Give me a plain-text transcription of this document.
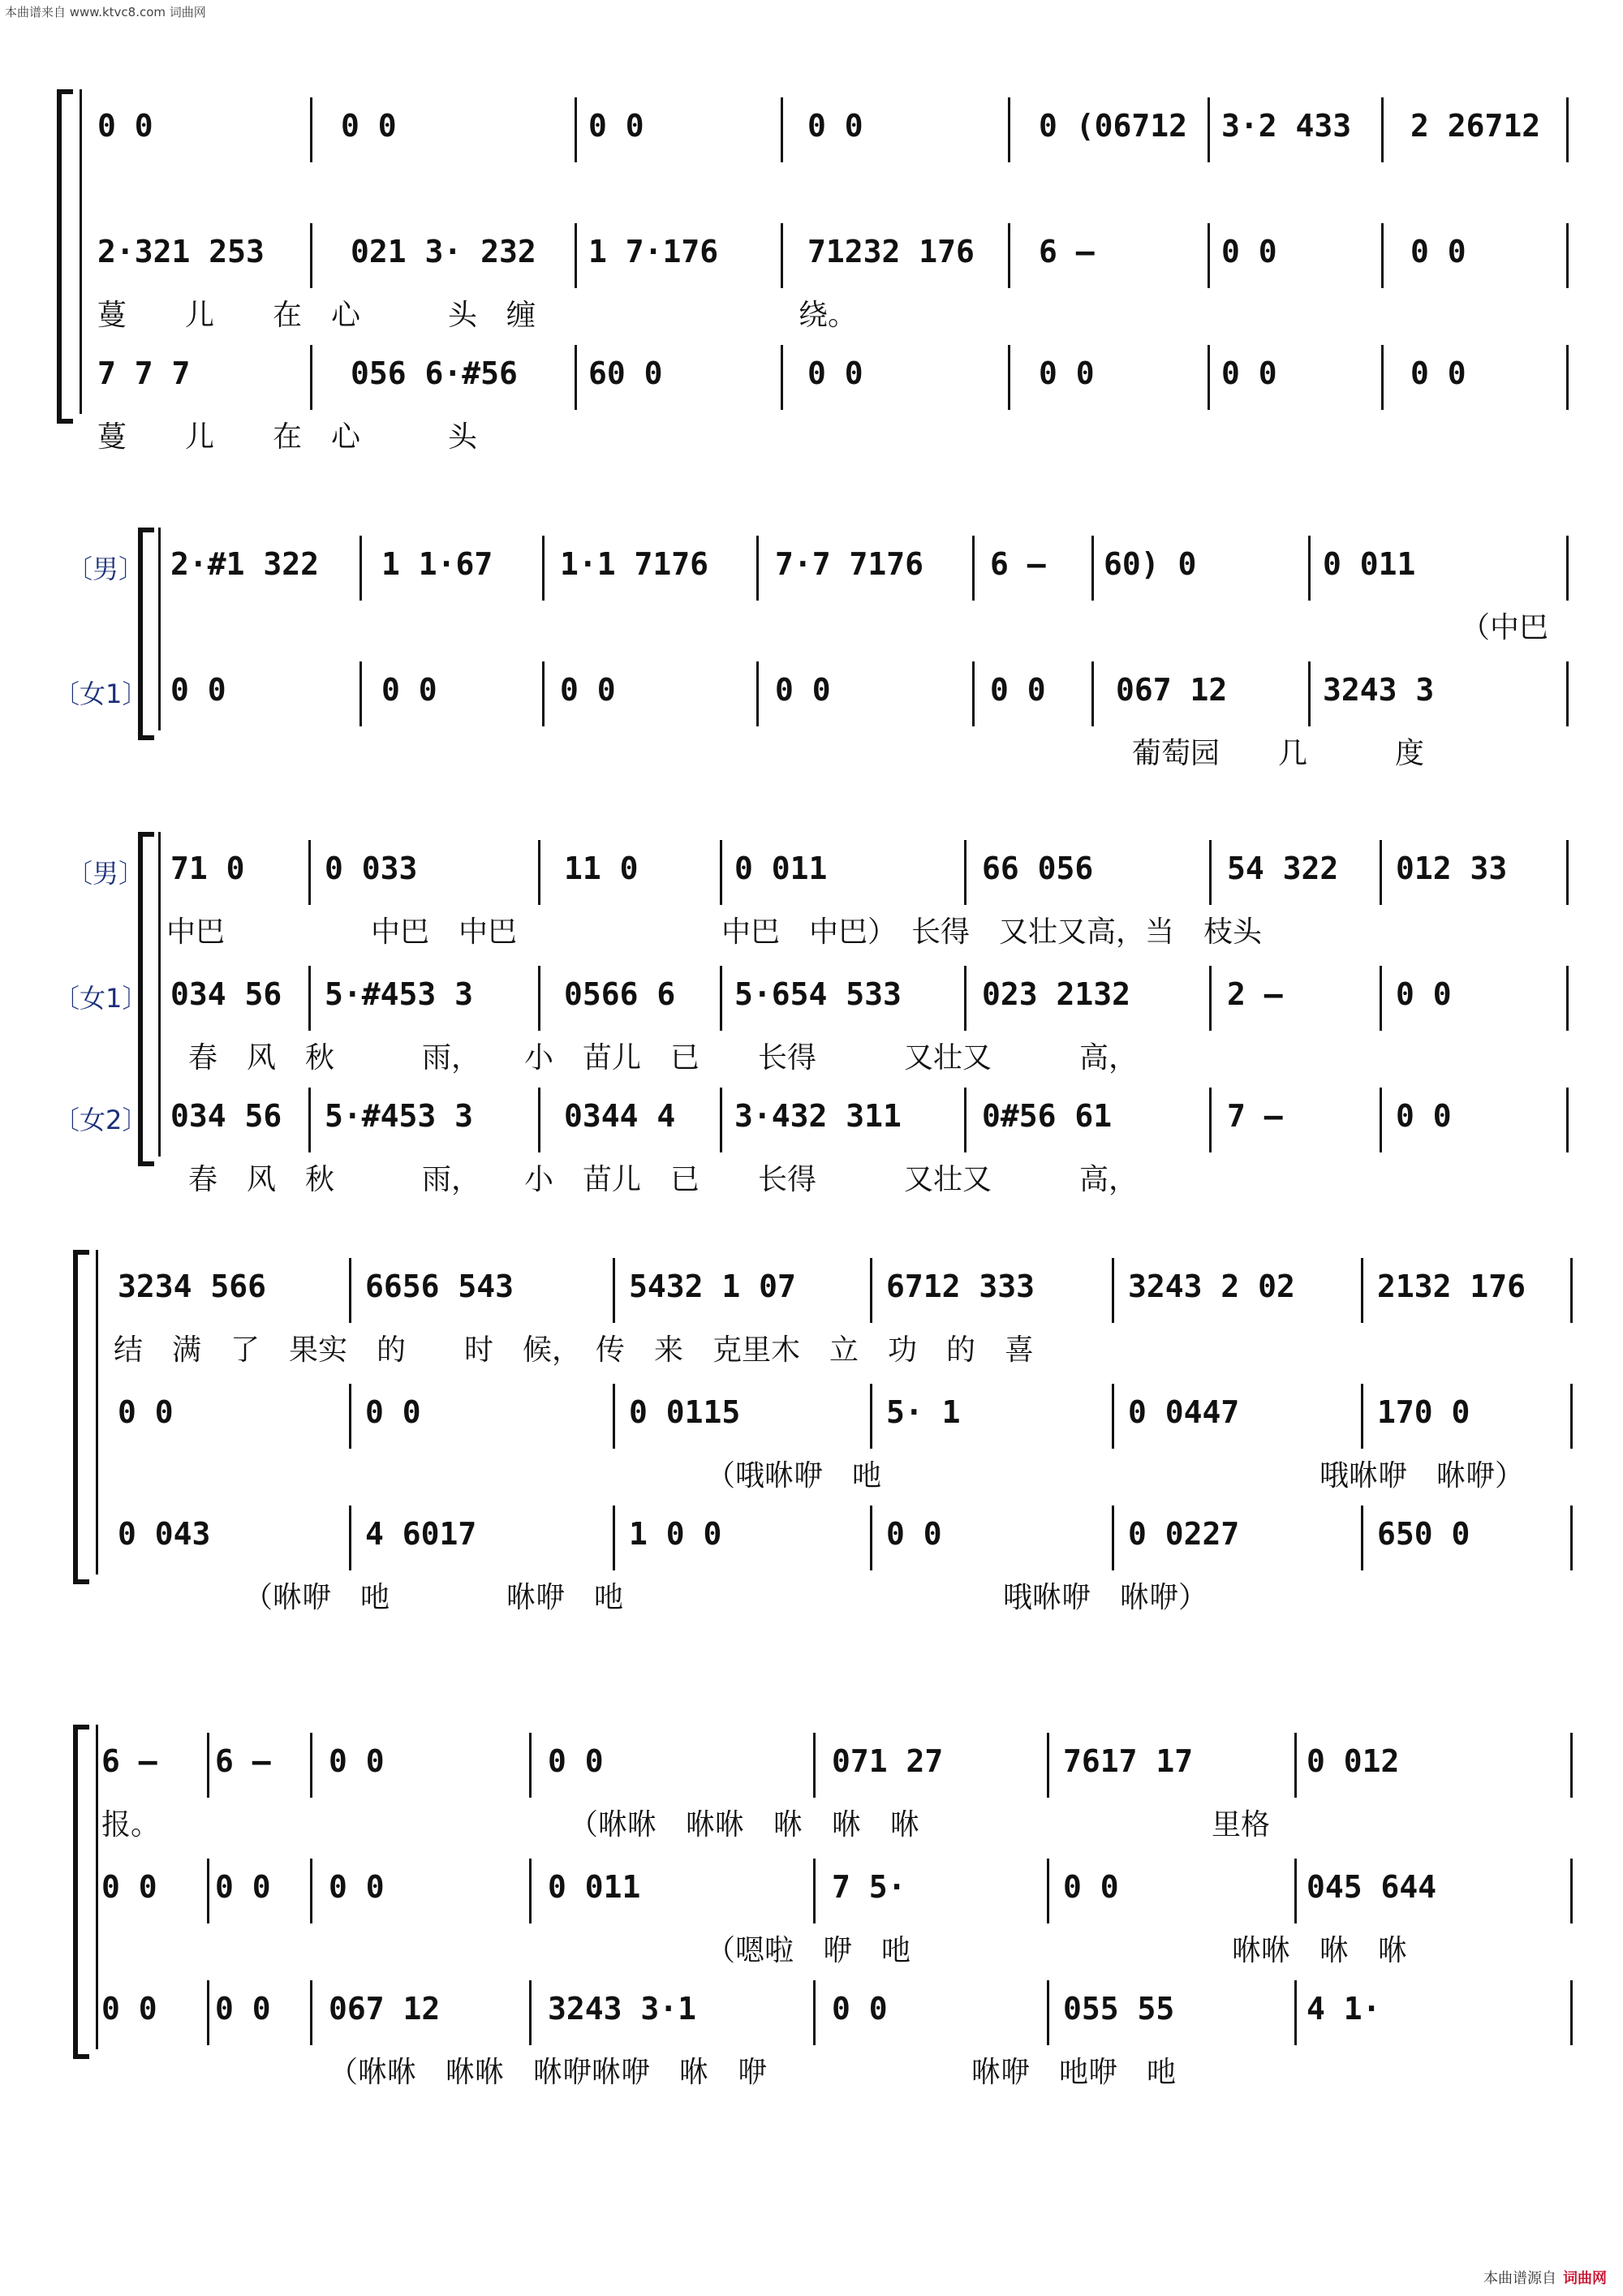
本曲谱来自 www.ktvc8.com 词曲网
0 0	0 0	0 0	0 0	0 (06712	3·2 433	2 26712
2·321 253	021 3· 232	1 7·176	71232 176	6 –	0 0	0 0
蔓　　儿　　在　心　　　头　缠　　　　　　　　　绕。
7 7 7	056 6·#56	60 0	0 0	0 0	0 0	0 0
蔓　　儿　　在　心　　　头
〔男〕
〔女1〕
2·#1 322	1 1·67	1·1 7176	7·7 7176	6 –	60) 0	0 011
（中巴
0 0	0 0	0 0	0 0	0 0	067 12	3243 3
葡萄园　　几　　　度
〔男〕
〔女1〕
〔女2〕
71 0	0 033	11 0	0 011	66 056	54 322	012 33
中巴　　　　　中巴　中巴　　　　　　　中巴　中巴）　长得　又壮又高，当　枝头
034 56	5·#453 3	0566 6	5·654 533	023 2132	2 –	0 0
春　风　秋　　　雨，　　小　苗儿　已　　长得　　　又壮又　　　高，
034 56	5·#453 3	0344 4	3·432 311	0#56 61	7 –	0 0
春　风　秋　　　雨，　　小　苗儿　已　　长得　　　又壮又　　　高，
3234 566	6656 543	5432 1 07	6712 333	3243 2 02	2132 176
结　满　了　果实　的　　时　候，　传　来　克里木　立　功　的　喜
0 0	0 0	0 0115	5· 1	0 0447	170 0
（哦咻咿　吔　　　　　　　　　　　　　　　哦咻咿　咻咿）
0 043	4 6017	1 0 0	0 0	0 0227	650 0
（咻咿　吔　　　　咻咿　吔　　　　　　　　　　　　　哦咻咿　咻咿）
6 –	6 –	0 0	0 0	071 27	7617 17	0 012
报。　　　　　　　　　　　　　　　（咻咻　咻咻　咻　咻　咻　　　　　　　　　　里格
0 0	0 0	0 0	0 011	7 5·	0 0	045 644
（嗯啦　咿　吔　　　　　　　　　　　咻咻　咻　咻
0 0	0 0	067 12	3243 3·1	0 0	055 55	4 1·
（咻咻　咻咻　咻咿咻咿　咻　咿　　　　　　　咻咿　吔咿　吔
本曲谱源自 词曲网
